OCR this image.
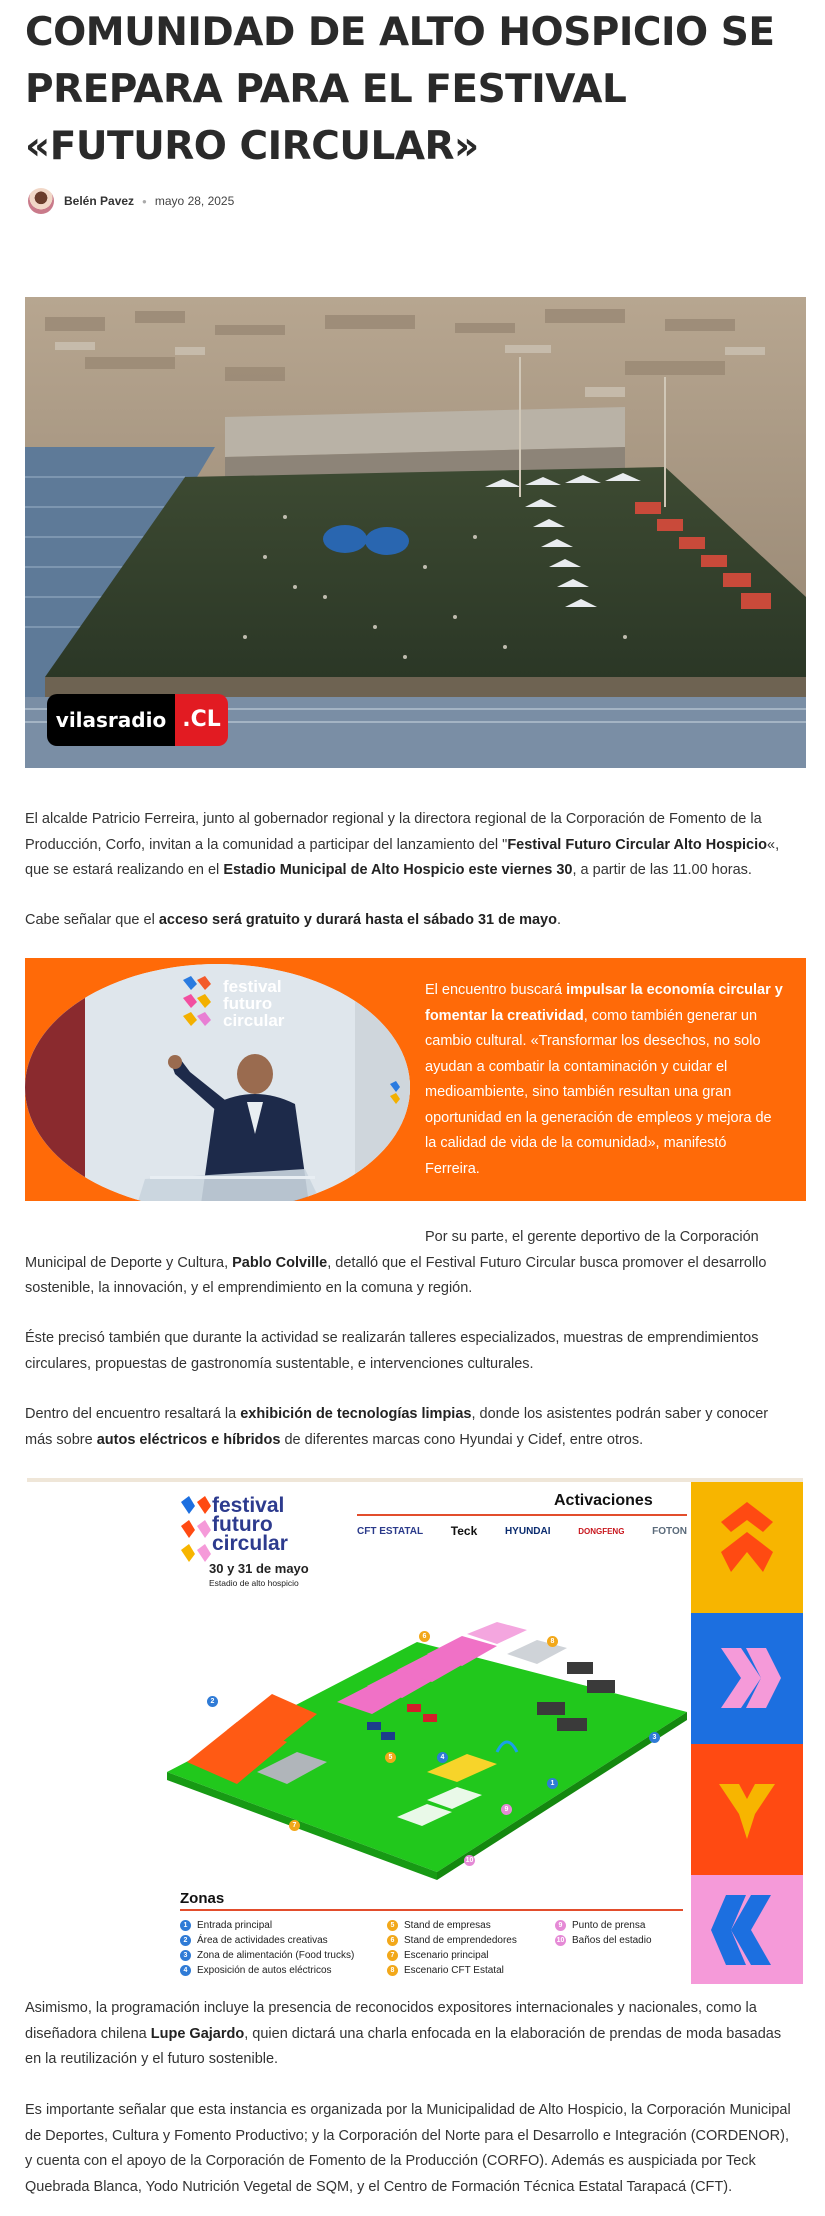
COMUNIDAD DE ALTO HOSPICIO SE PREPARA PARA EL FESTIVAL «FUTURO CIRCULAR»
Belén Pavez ● mayo 28, 2025
vilasradio .CL

El alcalde Patricio Ferreira, junto al gobernador regional y la directora regional de la Corporación de Fomento de la Producción, Corfo, invitan a la comunidad a participar del lanzamiento del "Festival Futuro Circular Alto Hospicio«, que se estará realizando en el Estadio Municipal de Alto Hospicio este viernes 30, a partir de las 11.00 horas.

Cabe señalar que el acceso será gratuito y durará hasta el sábado 31 de mayo.

festival
futuro
circular

El encuentro buscará impulsar la economía circular y fomentar la creatividad, como también generar un cambio cultural. «Transformar los desechos, no solo ayudan a combatir la contaminación y cuidar el medioambiente, sino también resultan una gran oportunidad en la generación de empleos y mejora de la calidad de vida de la comunidad», manifestó Ferreira.

Por su parte, el gerente deportivo de la Corporación Municipal de Deporte y Cultura, Pablo Colville, detalló que el Festival Futuro Circular busca promover el desarrollo sostenible, la innovación, y el emprendimiento en la comuna y región.

Éste precisó también que durante la actividad se realizarán talleres especializados, muestras de emprendimientos circulares, propuestas de gastronomía sustentable, e intervenciones culturales.

Dentro del encuentro resaltará la exhibición de tecnologías limpias, donde los asistentes podrán saber y conocer más sobre autos eléctricos e híbridos de diferentes marcas cono Hyundai y Cidef, entre otros.

festival
futuro
circular
30 y 31 de mayo
Estadio de alto hospicio
Activaciones
CFT ESTATAL Teck	HYUNDAI	DONGFENG	FOTON
6
8
2
5	4
3
1
9
7
10
Zonas
1 Entrada principal
2 Área de actividades creativas
3 Zona de alimentación (Food trucks)
4 Exposición de autos eléctricos
5 Stand de empresas
6 Stand de emprendedores
7 Escenario principal
8 Escenario CFT Estatal
9 Punto de prensa
10 Baños del estadio

Asimismo, la programación incluye la presencia de reconocidos expositores internacionales y nacionales, como la diseñadora chilena Lupe Gajardo, quien dictará una charla enfocada en la elaboración de prendas de moda basadas en la reutilización y el futuro sostenible.

Es importante señalar que esta instancia es organizada por la Municipalidad de Alto Hospicio, la Corporación Municipal de Deportes, Cultura y Fomento Productivo; y la Corporación del Norte para el Desarrollo e Integración (CORDENOR), y cuenta con el apoyo de la Corporación de Fomento de la Producción (CORFO). Además es auspiciada por Teck Quebrada Blanca, Yodo Nutrición Vegetal de SQM, y el Centro de Formación Técnica Estatal Tarapacá (CFT).
